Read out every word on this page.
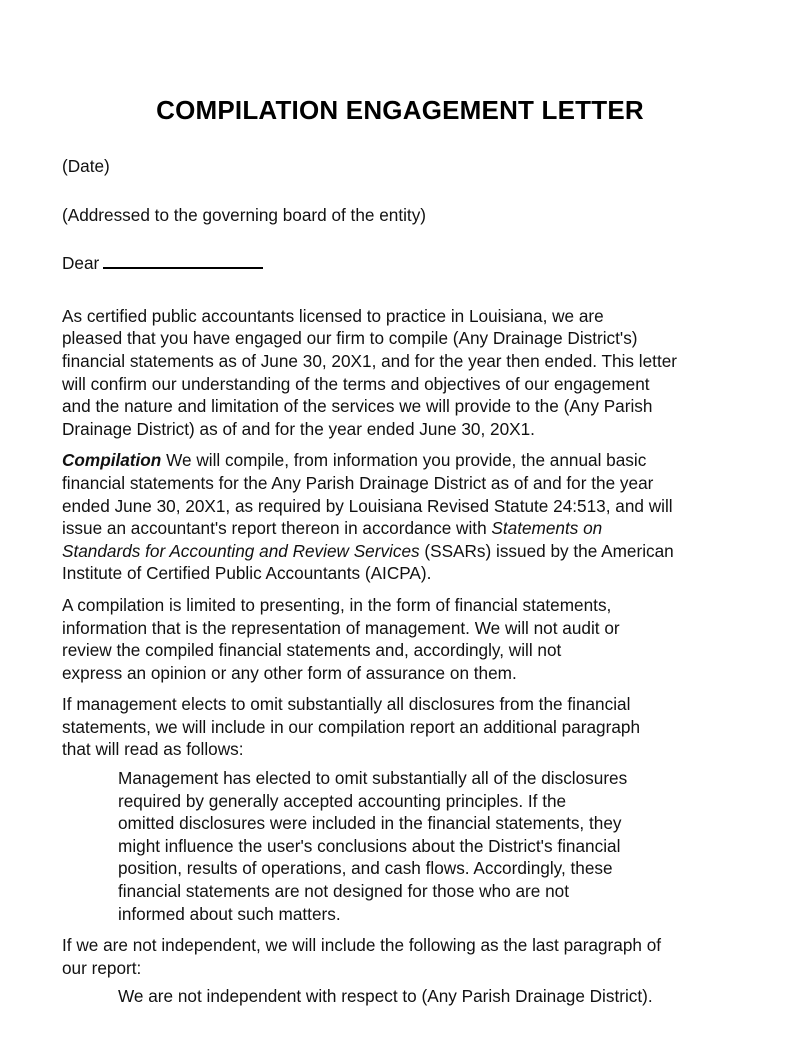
COMPILATION ENGAGEMENT LETTER

(Date)

(Addressed to the governing board of the entity)

Dear

As certified public accountants licensed to practice in Louisiana, we are
pleased that you have engaged our firm to compile (Any Drainage District's)
financial statements as of June 30, 20X1, and for the year then ended. This letter
will confirm our understanding of the terms and objectives of our engagement
and the nature and limitation of the services we will provide to the (Any Parish
Drainage District) as of and for the year ended June 30, 20X1.

Compilation We will compile, from information you provide, the annual basic
financial statements for the Any Parish Drainage District as of and for the year
ended June 30, 20X1, as required by Louisiana Revised Statute 24:513, and will
issue an accountant's report thereon in accordance with Statements on
Standards for Accounting and Review Services (SSARs) issued by the American
Institute of Certified Public Accountants (AICPA).

A compilation is limited to presenting, in the form of financial statements,
information that is the representation of management. We will not audit or
review the compiled financial statements and, accordingly, will not
express an opinion or any other form of assurance on them.

If management elects to omit substantially all disclosures from the financial
statements, we will include in our compilation report an additional paragraph
that will read as follows:

Management has elected to omit substantially all of the disclosures
required by generally accepted accounting principles. If the
omitted disclosures were included in the financial statements, they
might influence the user's conclusions about the District's financial
position, results of operations, and cash flows. Accordingly, these
financial statements are not designed for those who are not
informed about such matters.

If we are not independent, we will include the following as the last paragraph of
our report:

We are not independent with respect to (Any Parish Drainage District).
